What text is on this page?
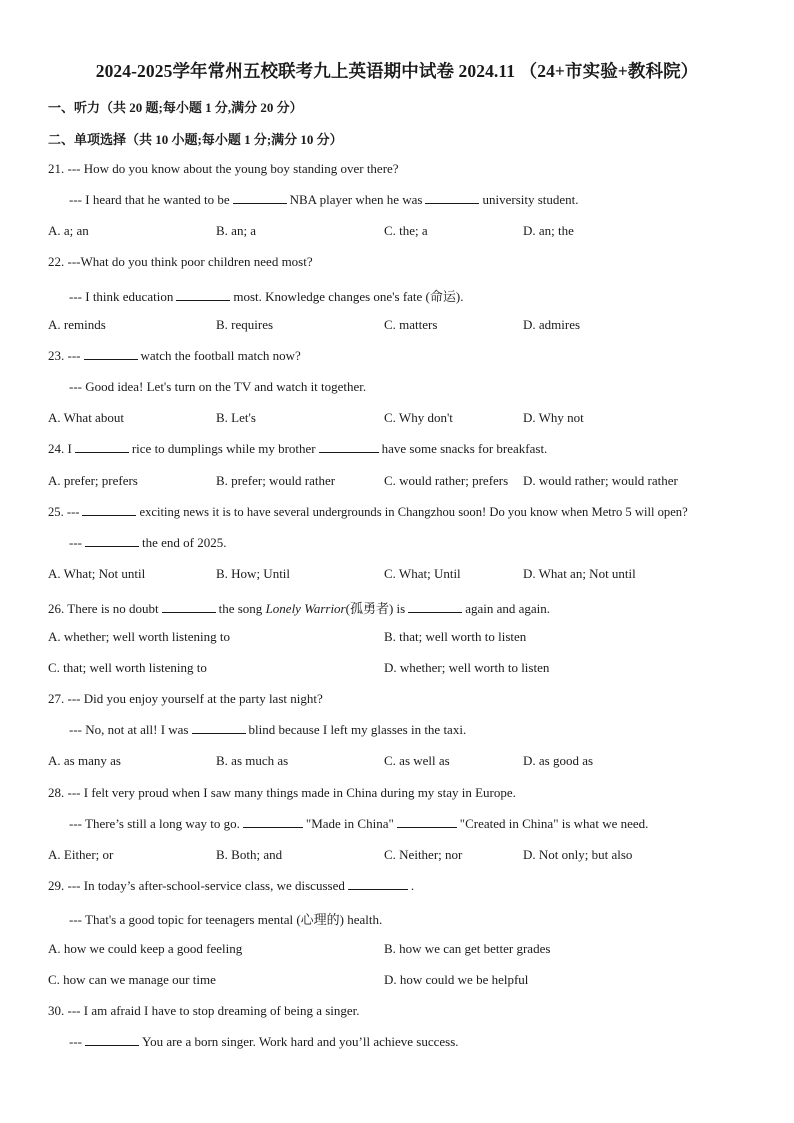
2024-2025学年常州五校联考九上英语期中试卷 2024.11 （24+市实验+教科院）
一、听力（共 20 题;每小题 1 分,满分 20 分）
二、单项选择（共 10 小题;每小题 1 分;满分 10 分）
21. --- How do you know about the young boy standing over there?
--- I heard that he wanted to be	NBA player when he was	university student.
A. a; an	B. an; a	C. the; a	D. an; the
22. ---What do you think poor children need most?
--- I think education	most. Knowledge changes one's fate (命运).
A. reminds	B. requires	C. matters	D. admires
23. ---	watch the football match now?
--- Good idea! Let's turn on the TV and watch it together.
A. What about	B. Let's	C. Why don't	D. Why not
24. I	rice to dumplings while my brother	have some snacks for breakfast.
A. prefer; prefers	B. prefer; would rather	C. would rather; prefers D. would rather; would rather
25. ---	exciting news it is to have several undergrounds in Changzhou soon! Do you know when Metro 5 will open?
---	the end of 2025.
A. What; Not until	B. How; Until	C. What; Until	D. What an; Not until
26. There is no doubt	the song Lonely Warrior(孤勇者) is	again and again.
A. whether; well worth listening to	B. that; well worth to listen
C. that; well worth listening to	D. whether; well worth to listen
27. --- Did you enjoy yourself at the party last night?
--- No, not at all! I was	blind because I left my glasses in the taxi.
A. as many as	B. as much as	C. as well as	D. as good as
28. --- I felt very proud when I saw many things made in China during my stay in Europe.
--- There’s still a long way to go.	"Made in China"	"Created in China" is what we need.
A. Either; or	B. Both; and	C. Neither; nor	D. Not only; but also
29. --- In today’s after-school-service class, we discussed	.
--- That's a good topic for teenagers mental (心理的) health.
A. how we could keep a good feeling	B. how we can get better grades
C. how can we manage our time	D. how could we be helpful
30. --- I am afraid I have to stop dreaming of being a singer.
---	You are a born singer. Work hard and you’ll achieve success.
